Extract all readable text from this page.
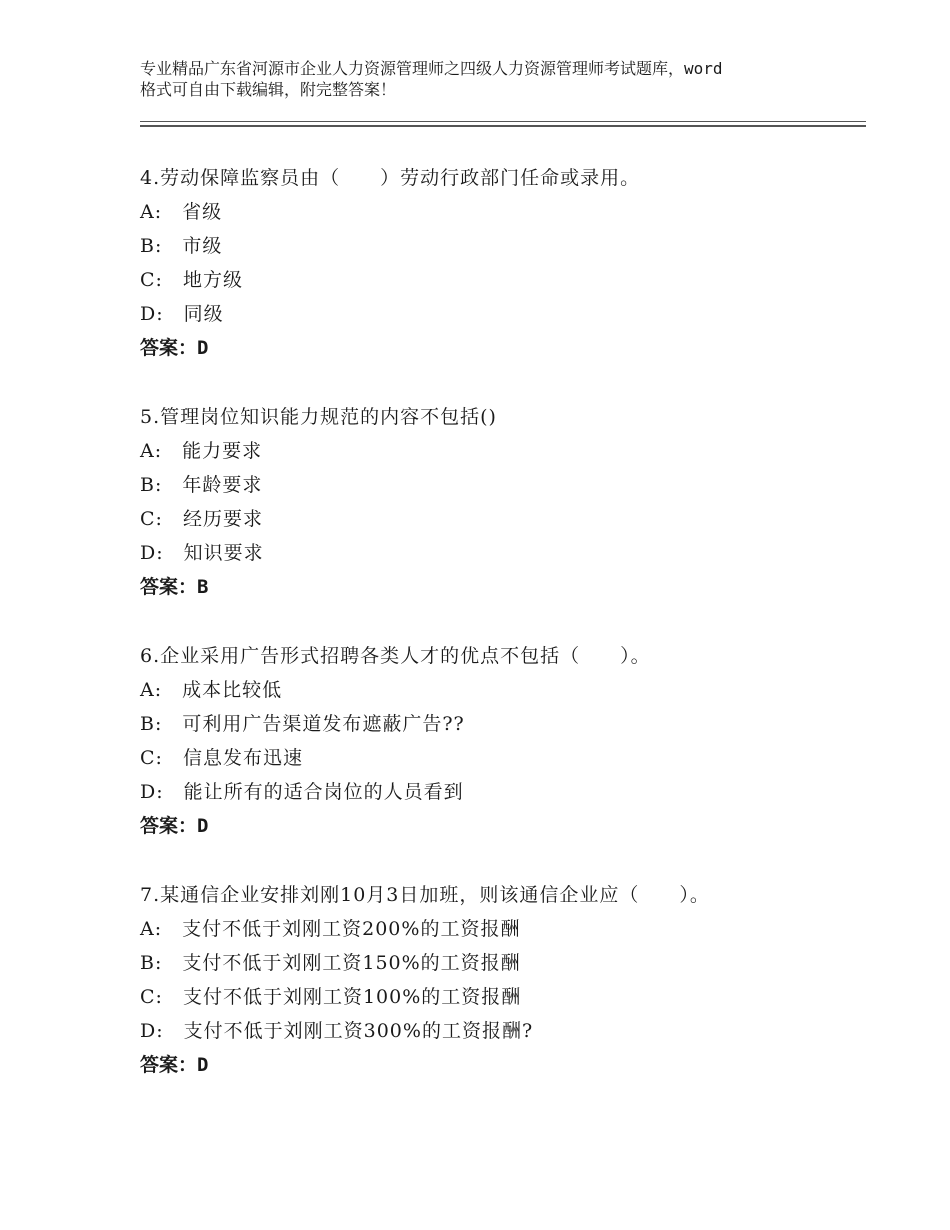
专业精品广东省河源市企业人力资源管理师之四级人力资源管理师考试题库，word
格式可自由下载编辑，附完整答案！
4.劳动保障监察员由（　　）劳动行政部门任命或录用。
A:　省级
B:　市级
C:　地方级
D:　同级
答案：D
5.管理岗位知识能力规范的内容不包括()
A:　能力要求
B:　年龄要求
C:　经历要求
D:　知识要求
答案：B
6.企业采用广告形式招聘各类人才的优点不包括（　　）。
A:　成本比较低
B:　可利用广告渠道发布遮蔽广告??
C:　信息发布迅速
D:　能让所有的适合岗位的人员看到
答案：D
7.某通信企业安排刘刚10月3日加班，则该通信企业应（　　）。
A:　支付不低于刘刚工资200%的工资报酬
B:　支付不低于刘刚工资150%的工资报酬
C:　支付不低于刘刚工资100%的工资报酬
D:　支付不低于刘刚工资300%的工资报酬?
答案：D
